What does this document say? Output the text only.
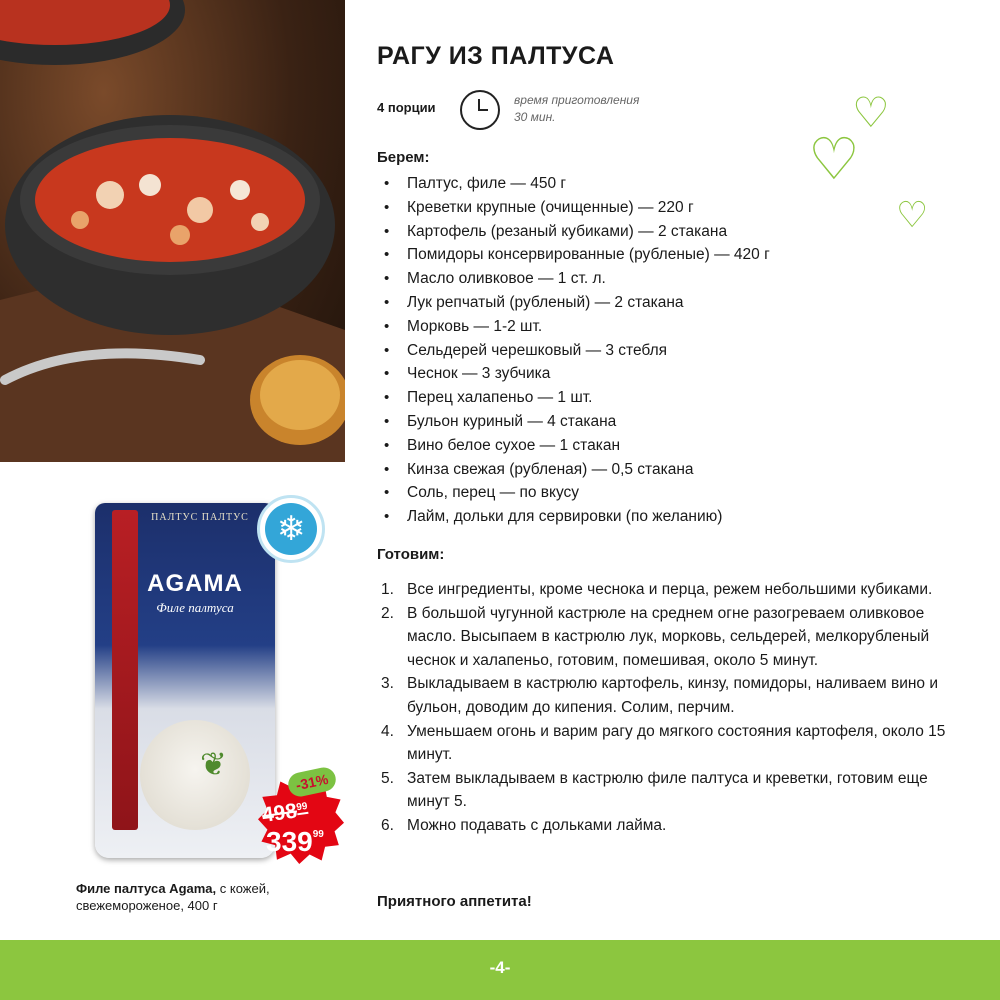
ПАЛТУС ПАЛТУС
AGAMA
Филе палтуса
❦
❄
-31%
$498^{99}$
$339^{99}$
Филе палтуса Agama, с кожей, свежемороженое, 400 г
РАГУ ИЗ ПАЛТУСА
4 порции	время приготовления
30 мин.	♡
♡
♡
Берем:
• Палтус, филе — 450 г
• Креветки крупные (очищенные) — 220 г
• Картофель (резаный кубиками) — 2 стакана
• Помидоры консервированные (рубленые) — 420 г
• Масло оливковое — 1 ст. л.
• Лук репчатый (рубленый) — 2 стакана
• Морковь — 1-2 шт.
• Сельдерей черешковый — 3 стебля
• Чеснок — 3 зубчика
• Перец халапеньо — 1 шт.
• Бульон куриный — 4 стакана
• Вино белое сухое — 1 стакан
• Кинза свежая (рубленая) — 0,5 стакана
• Соль, перец — по вкусу
• Лайм, дольки для сервировки (по желанию)
Готовим:
1. Все ингредиенты, кроме чеснока и перца, режем небольшими кубиками.
2. В большой чугунной кастрюле на среднем огне разогреваем оливковое масло. Высыпаем в кастрюлю лук, морковь, сельдерей, мелкорубленый чеснок и халапеньо, готовим, помешивая, около 5 минут.
3. Выкладываем в кастрюлю картофель, кинзу, помидоры, наливаем вино и бульон, доводим до кипения. Солим, перчим.
4. Уменьшаем огонь и варим рагу до мягкого состояния картофеля, около 15 минут.
5. Затем выкладываем в кастрюлю филе палтуса и креветки, готовим еще минут 5.
6. Можно подавать с дольками лайма.
Приятного аппетита!
-4-
